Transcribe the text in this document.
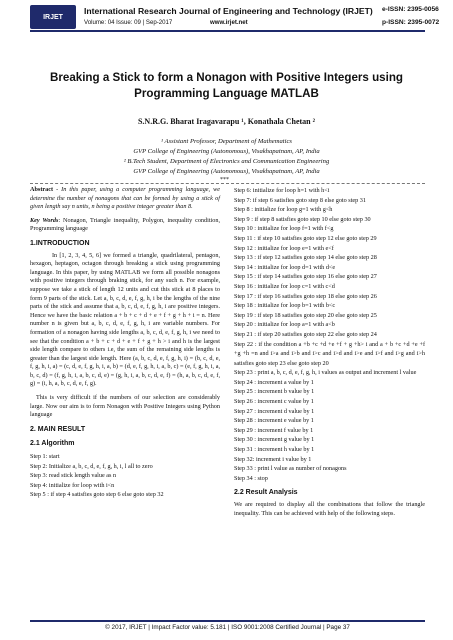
IRJET
International Research Journal of Engineering and Technology (IRJET) e-ISSN: 2395-0056
Volume: 04 Issue: 09 | Sep-2017	www.irjet.net	p-ISSN: 2395-0072
Breaking a Stick to form a Nonagon with Positive Integers using
Programming Language MATLAB
S.N.R.G. Bharat Iragavarapu ¹, Konathala Chetan ²
¹ Assistant Professor, Department of Mathematics
GVP College of Engineering (Autonomous), Visakhapatnam, AP, India
² B.Tech Student, Department of Electronics and Communication Engineering
GVP College of Engineering (Autonomous), Visakhapatnam, AP, India
***

Abstract - In this paper, using a computer programming language, we determine the number of nonagons that can be formed by using a stick of given length say n units, n being a positive integer greater than 8.

Key Words: Nonagon, Triangle inequality, Polygon, inequality condition, Programming language

1.INTRODUCTION

In [1, 2, 3, 4, 5, 6] we formed a triangle, quadrilateral, pentagon, hexagon, heptagon, octagon through breaking a stick using programming language. In this paper, by using MATLAB we form all possible nonagons with positive integers through braking stick, for any such n. For example, suppose we take a stick of length 12 units and cut this stick at 8 places to form 9 parts of the stick. Let a, b, c, d, e, f, g, h, i be the lengths of the nine parts of the stick and assume that a, b, c, d, e, f, g, h, i are positive integers. Hence we have the basic relation a + b + c + d + e + f + g + h + i = n. Here number n is given but a, b, c, d, e, f, g, h, i are variable numbers. For formation of a nonagon having side lengths a, b, c, d, e, f, g, h, i we need to see that the condition a + b + c + d + e + f + g + h > i and h is the largest side length compare to others i.e, the sum of the remaining side lengths is greater than the largest side length. Here (a, b, c, d, e, f, g, h, i) = (b, c, d, e, f, g, h, i, a) = (c, d, e, f, g, h, i, a, b) = (d, e, f, g, h, i, a, b, c) = (e, f, g, h, i, a, b, c, d) = (f, g, h, i, a, b, c, d, e) = (g, h, i, a, b, c, d, e, f) = (h, a, b, c, d, e, f, g) = (i, h, a, b, c, d, e, f, g).

This is very difficult if the numbers of our selection are considerably large. Now our aim is to form Nonagon with Positive Integers using Python language

2. MAIN RESULT
2.1 Algorithm

Step 1: start

Step 2: Initialize a, b, c, d, e, f, g, h, i, l all to zero

Step 3: read stick length value as n

Step 4: initialize for loop with i<n

Step 5 : if step 4 satisfies goto step 6 else goto step 32

Step 6: initialize for loop h=1 with h<i

Step 7: if step 6 satisfies goto step 8 else goto step 31

Step 8 : initialize for loop g=1 with g<h

Step 9 : if step 8 satisfies goto step 10 else goto step 30

Step 10 : initialize for loop f=1 with f<g

Step 11 : if step 10 satisfies goto step 12 else goto step 29

Step 12 : initialize for loop e=1 with e<f

Step 13 : if step 12 satisfies goto step 14 else goto step 28

Step 14 : initialize for loop d=1 with d<e

Step 15 : if step 14 satisfies goto step 16 else goto step 27

Step 16 : initialize for loop c=1 with c<d

Step 17 : if step 16 satisfies goto step 18 else goto step 26

Step 18 : initialize for loop b=1 with b<c

Step 19 : if step 18 satisfies goto step 20 else goto step 25

Step 20 : initialize for loop a=1 with a<b

Step 21 : if step 20 satisfies goto step 22 else goto step 24

Step 22 : if the condition a +b +c +d +e +f + g +h> i and a + b +c +d +e +f +g +h =n and i>a and i>b and i>c and i>d and i>e and i>f and i>g and i>h satisfies goto step 23 else goto step 20

Step 23 : print a, b, c, d, e, f, g, h, i values as output and increment l value

Step 24 : increment a value by 1

Step 25 : increment b value by 1

Step 26 : increment c value by 1

Step 27 : increment d value by 1

Step 28 : increment e value by 1

Step 29 : increment f value by 1

Step 30 : increment g value by 1

Step 31 : increment h value by 1

Step 32: increment i value by 1

Step 33 : print l value as number of nonagons

Step 34 : stop

2.2 Result Analysis

We are required to display all the combinations that follow the triangle inequality. This can be achieved with help of the following steps.

© 2017, IRJET | Impact Factor value: 5.181 | ISO 9001:2008 Certified Journal | Page 37
